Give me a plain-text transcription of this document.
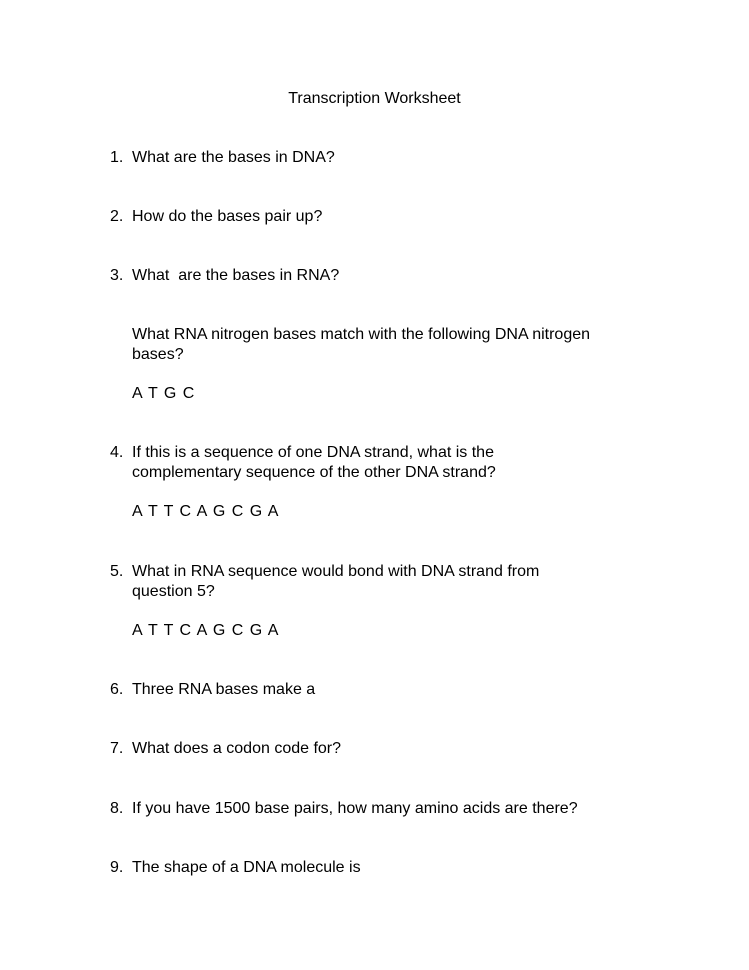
Transcription Worksheet
1. What are the bases in DNA?
2. How do the bases pair up?
3. What  are the bases in RNA?
What RNA nitrogen bases match with the following DNA nitrogen
bases?
A T G C
4. If this is a sequence of one DNA strand, what is the
complementary sequence of the other DNA strand?
A T T C A G C G A
5. What in RNA sequence would bond with DNA strand from
question 5?
A T T C A G C G A
6. Three RNA bases make a
7. What does a codon code for?
8. If you have 1500 base pairs, how many amino acids are there?
9. The shape of a DNA molecule is
